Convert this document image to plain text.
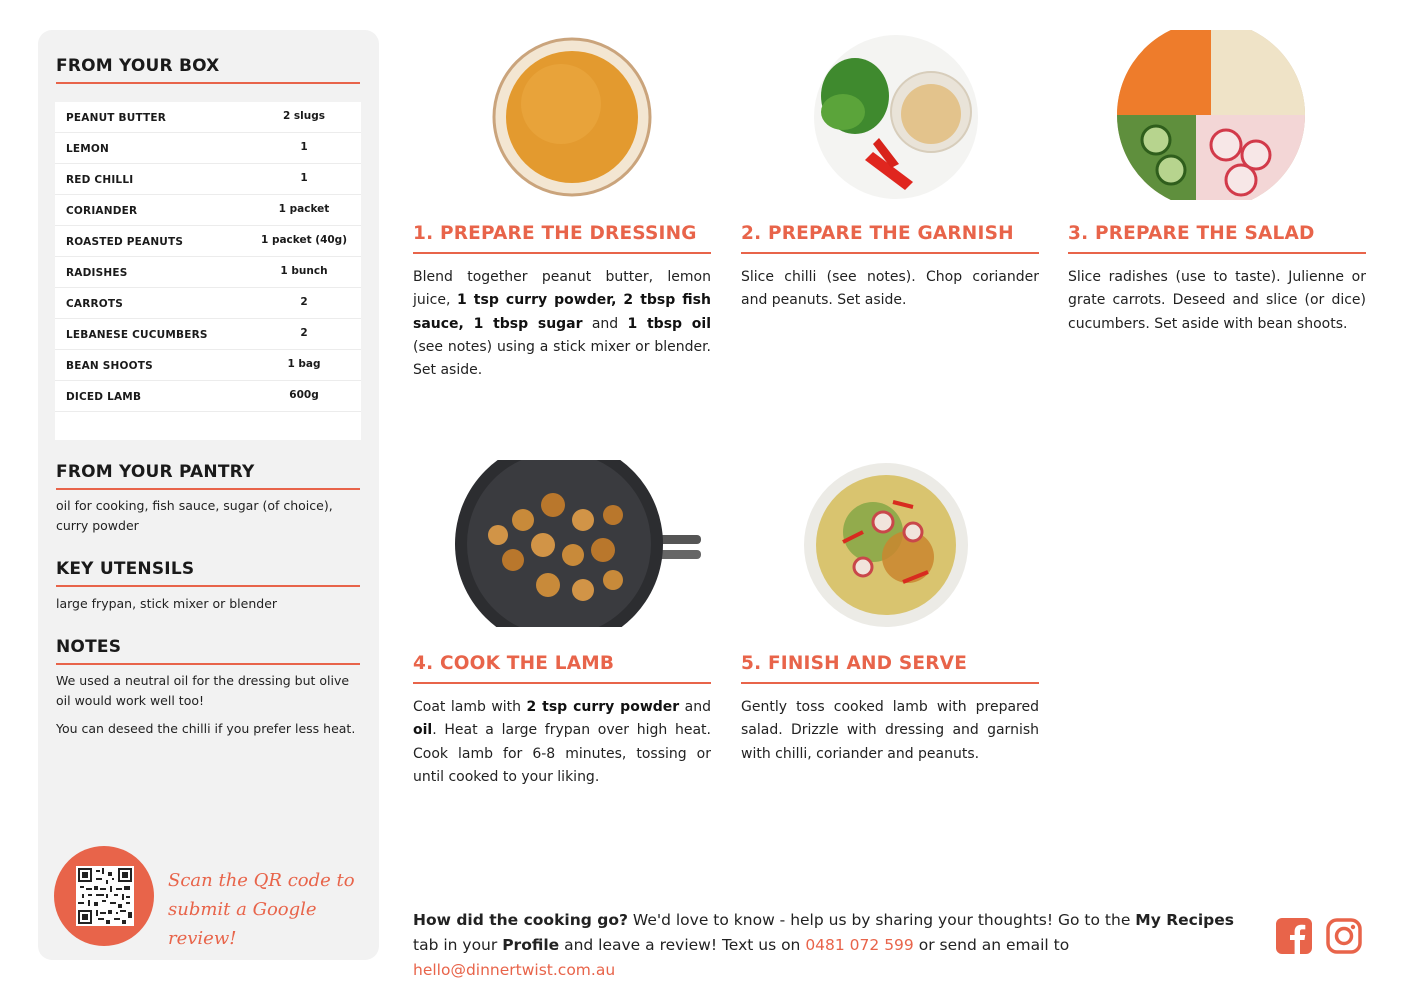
FROM YOUR BOX
PEANUT BUTTER	2 slugs
LEMON	1
RED CHILLI	1
CORIANDER	1 packet
ROASTED PEANUTS	1 packet (40g)
RADISHES	1 bunch
CARROTS	2
LEBANESE CUCUMBERS	2
BEAN SHOOTS	1 bag
DICED LAMB	600g
FROM YOUR PANTRY
oil for cooking, fish sauce, sugar (of choice), curry powder
KEY UTENSILS
large frypan, stick mixer or blender
NOTES
We used a neutral oil for the dressing but olive oil would work well too!
You can deseed the chilli if you prefer less heat.
Scan the QR code to
submit a Google review!
1. PREPARE THE DRESSING
Blend together peanut butter, lemon juice, 1 tsp curry powder, 2 tbsp fish sauce, 1 tbsp sugar and 1 tbsp oil (see notes) using a stick mixer or blender. Set aside.
2. PREPARE THE GARNISH
Slice chilli (see notes). Chop coriander and peanuts. Set aside.
3. PREPARE THE SALAD
Slice radishes (use to taste). Julienne or grate carrots. Deseed and slice (or dice) cucumbers. Set aside with bean shoots.
4. COOK THE LAMB
Coat lamb with 2 tsp curry powder and oil. Heat a large frypan over high heat. Cook lamb for 6-8 minutes, tossing or until cooked to your liking.
5. FINISH AND SERVE
Gently toss cooked lamb with prepared salad. Drizzle with dressing and garnish with chilli, coriander and peanuts.
How did the cooking go? We'd love to know - help us by sharing your thoughts! Go to the My Recipes tab in your Profile and leave a review! Text us on 0481 072 599 or send an email to hello@dinnertwist.com.au
